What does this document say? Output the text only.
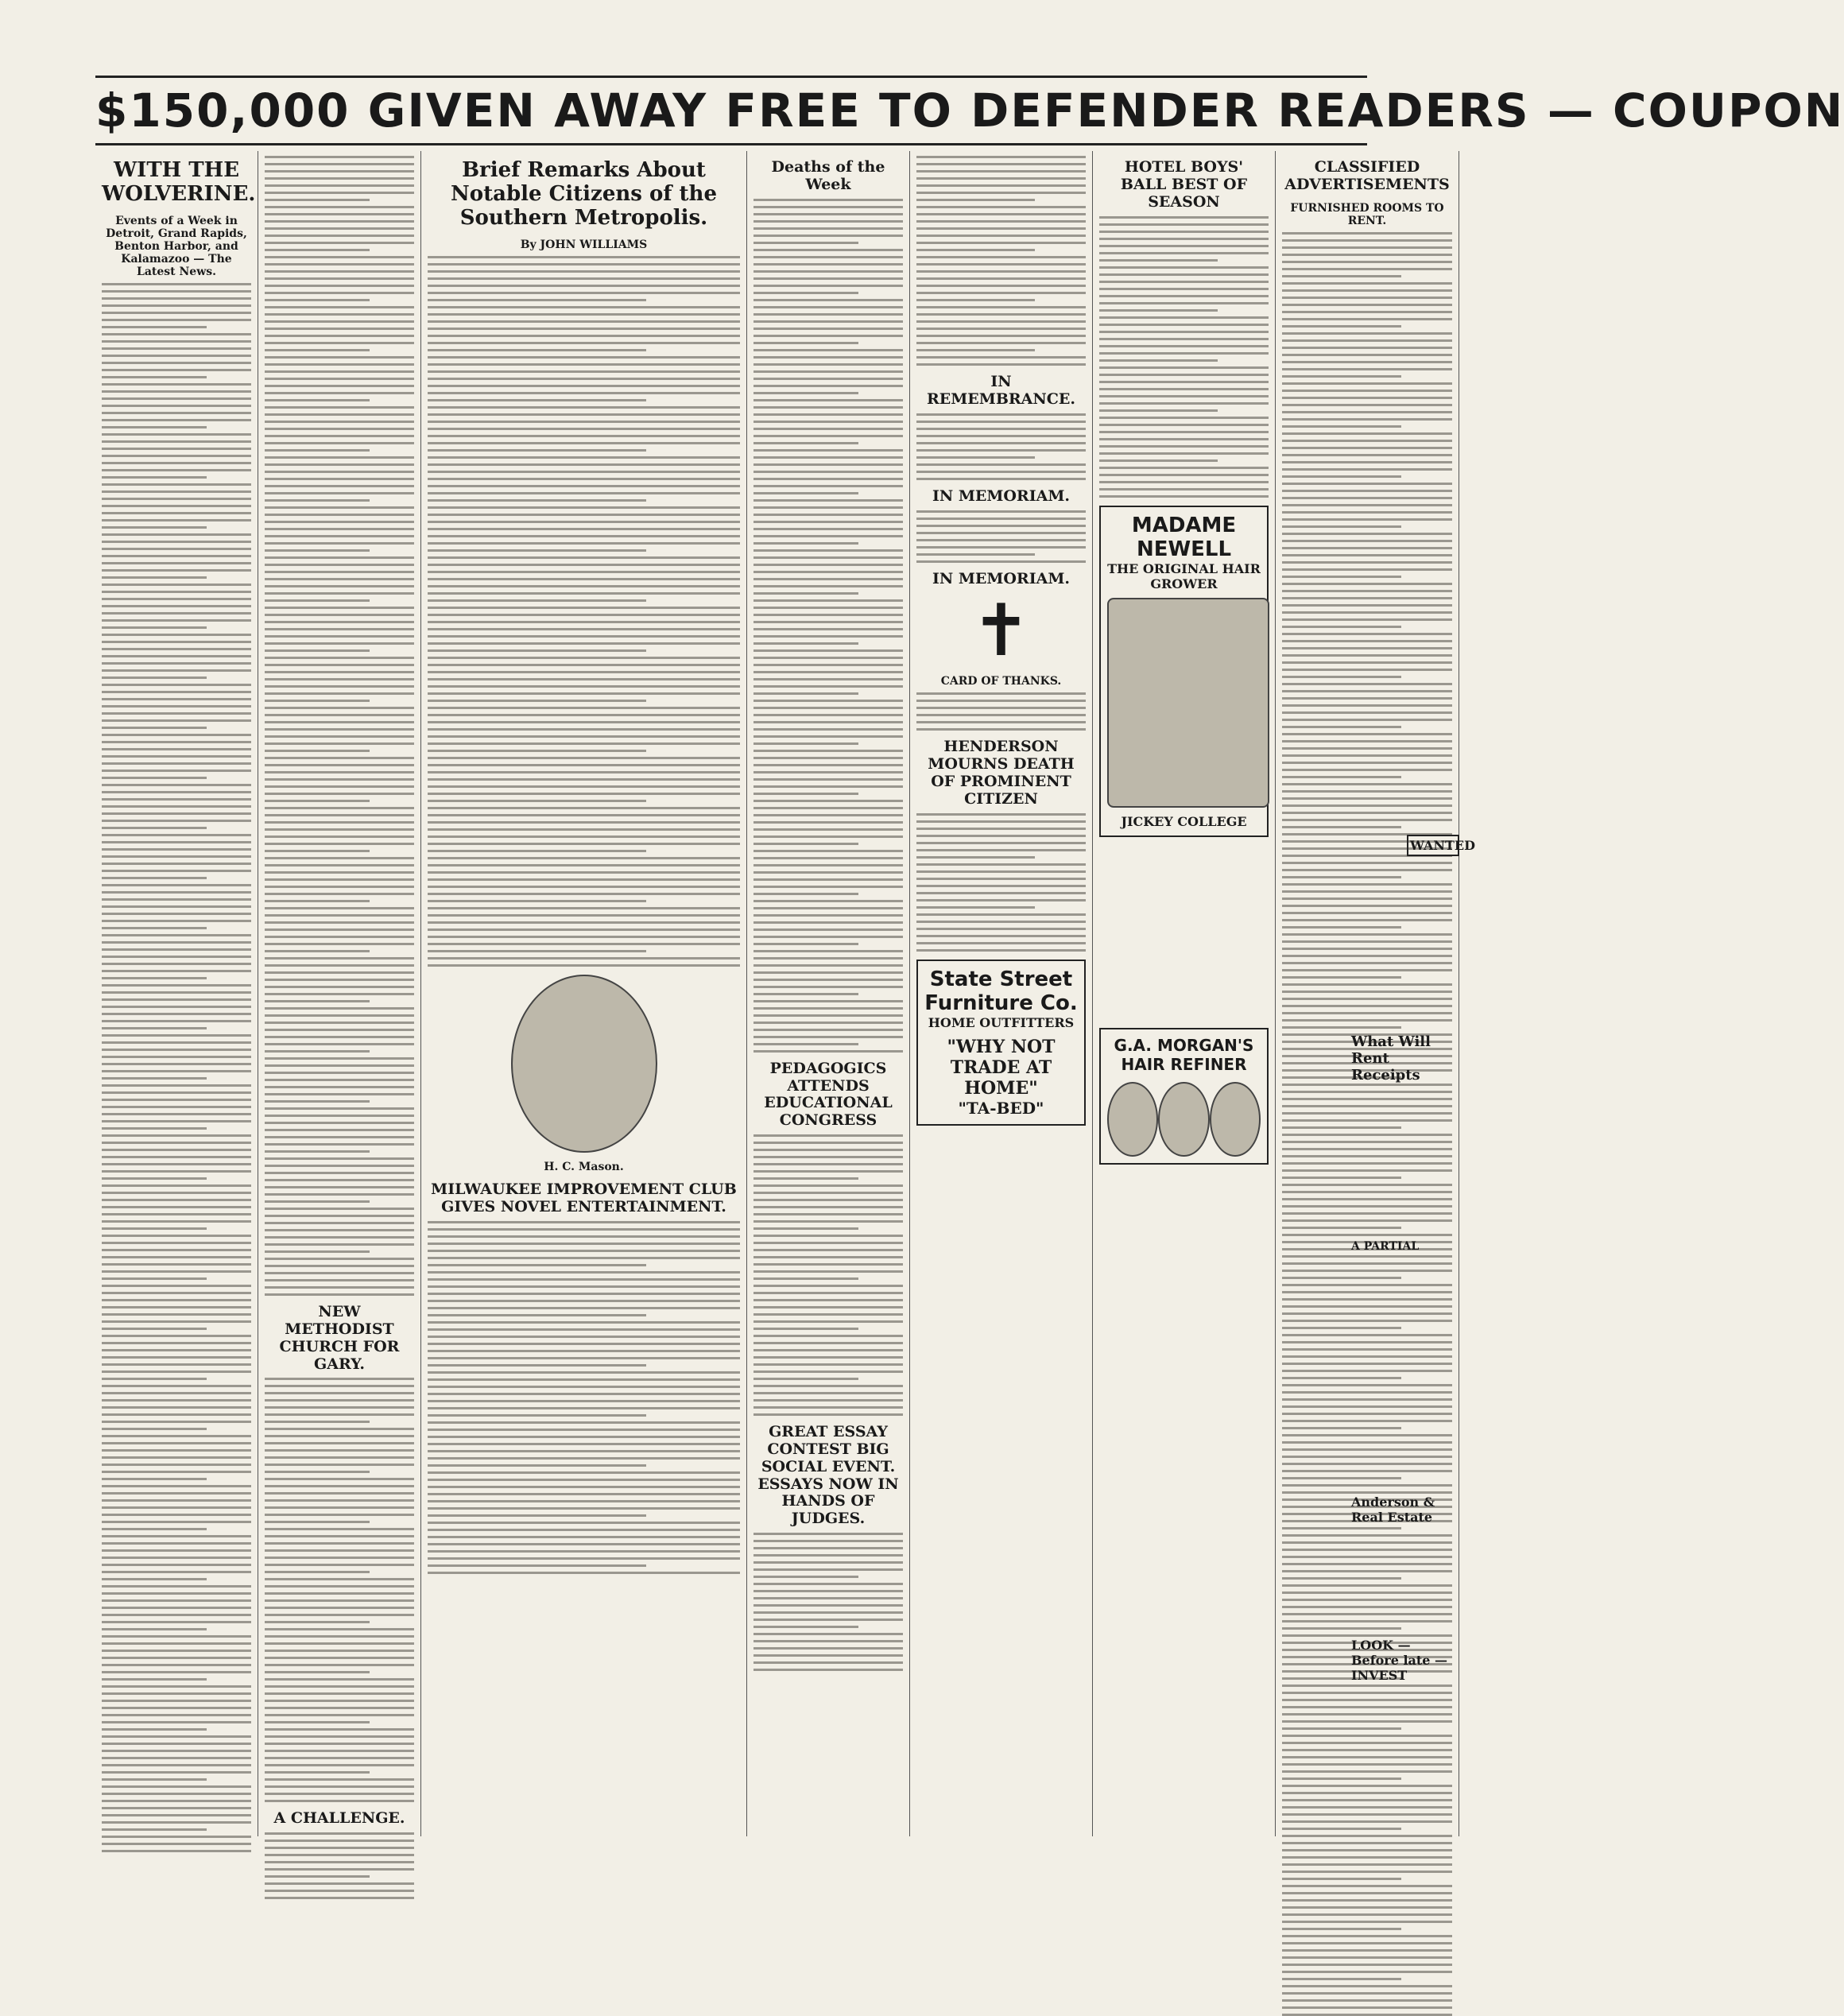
$150,000 GIVEN AWAY FREE TO DEFENDER READERS — COUPON
WITH THE WOLVERINE.
Events of a Week in Detroit, Grand Rapids, Benton Harbor, and Kalamazoo — The Latest News.
NEW METHODIST CHURCH FOR GARY.
A CHALLENGE.
Brief Remarks About Notable Citizens of the Southern Metropolis.
By JOHN WILLIAMS
H. C. Mason.
MILWAUKEE IMPROVEMENT CLUB GIVES NOVEL ENTERTAINMENT.
Deaths of the Week
PEDAGOGICS ATTENDS EDUCATIONAL CONGRESS
GREAT ESSAY CONTEST BIG SOCIAL EVENT. ESSAYS NOW IN HANDS OF JUDGES.
IN REMEMBRANCE.
IN MEMORIAM.
IN MEMORIAM.
✝
CARD OF THANKS.
HENDERSON MOURNS DEATH OF PROMINENT CITIZEN
State Street Furniture Co.
HOME OUTFITTERS
"WHY NOT TRADE AT HOME"
"TA-BED"
HOTEL BOYS' BALL BEST OF SEASON
MADAME NEWELL
THE ORIGINAL HAIR GROWER
JICKEY COLLEGE
G.A. MORGAN'S HAIR REFINER
CLASSIFIED ADVERTISEMENTS
FURNISHED ROOMS TO RENT.
WANTED
What Will Rent Receipts
A PARTIAL
Anderson & Real Estate
LOOK — Before late — INVEST
